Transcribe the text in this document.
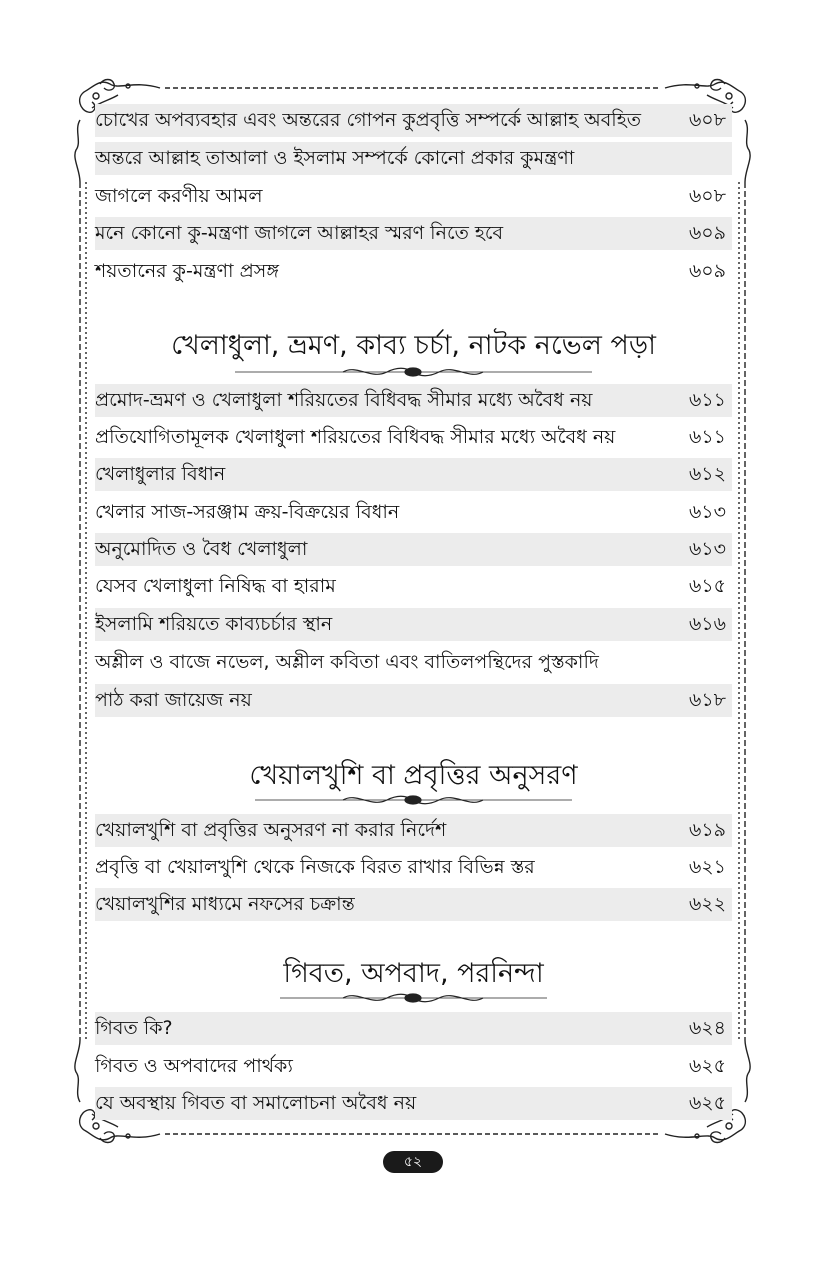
চোখের অপব্যবহার এবং অন্তরের গোপন কুপ্রবৃত্তি সম্পর্কে আল্লাহ অবহিত	৬০৮
অন্তরে আল্লাহ তাআলা ও ইসলাম সম্পর্কে কোনো প্রকার কুমন্ত্রণা
জাগলে করণীয় আমল	৬০৮
মনে কোনো কু-মন্ত্রণা জাগলে আল্লাহর স্মরণ নিতে হবে	৬০৯
শয়তানের কু-মন্ত্রণা প্রসঙ্গ	৬০৯
খেলাধুলা, ভ্রমণ, কাব্য চর্চা, নাটক নভেল পড়া
প্রমোদ-ভ্রমণ ও খেলাধুলা শরিয়তের বিধিবদ্ধ সীমার মধ্যে অবৈধ নয়	৬১১
প্রতিযোগিতামূলক খেলাধুলা শরিয়তের বিধিবদ্ধ সীমার মধ্যে অবৈধ নয়	৬১১
খেলাধুলার বিধান	৬১২
খেলার সাজ-সরঞ্জাম ক্রয়-বিক্রয়ের বিধান	৬১৩
অনুমোদিত ও বৈধ খেলাধুলা	৬১৩
যেসব খেলাধুলা নিষিদ্ধ বা হারাম	৬১৫
ইসলামি শরিয়তে কাব্যচর্চার স্থান	৬১৬
অশ্লীল ও বাজে নভেল, অশ্লীল কবিতা এবং বাতিলপন্থিদের পুস্তকাদি
পাঠ করা জায়েজ নয়	৬১৮
খেয়ালখুশি বা প্রবৃত্তির অনুসরণ
খেয়ালখুশি বা প্রবৃত্তির অনুসরণ না করার নির্দেশ	৬১৯
প্রবৃত্তি বা খেয়ালখুশি থেকে নিজকে বিরত রাখার বিভিন্ন স্তর	৬২১
খেয়ালখুশির মাধ্যমে নফসের চক্রান্ত	৬২২
গিবত, অপবাদ, পরনিন্দা
গিবত কি?	৬২৪
গিবত ও অপবাদের পার্থক্য	৬২৫
যে অবস্থায় গিবত বা সমালোচনা অবৈধ নয়	৬২৫
৫২
